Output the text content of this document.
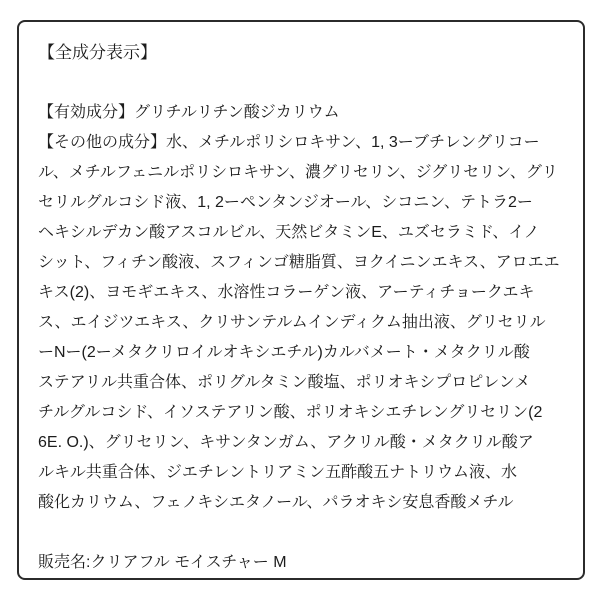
【全成分表示】
【有効成分】グリチルリチン酸ジカリウム
【その他の成分】水、メチルポリシロキサン、1, 3ーブチレングリコー
ル、メチルフェニルポリシロキサン、濃グリセリン、ジグリセリン、グリ
セリルグルコシド液、1, 2ーペンタンジオール、シコニン、テトラ2ー
ヘキシルデカン酸アスコルビル、天然ビタミンE、ユズセラミド、イノ
シット、フィチン酸液、スフィンゴ糖脂質、ヨクイニンエキス、アロエエ
キス(2)、ヨモギエキス、水溶性コラーゲン液、アーティチョークエキ
ス、エイジツエキス、クリサンテルムインディクム抽出液、グリセリル
ーNー(2ーメタクリロイルオキシエチル)カルバメート・メタクリル酸
ステアリル共重合体、ポリグルタミン酸塩、ポリオキシプロピレンメ
チルグルコシド、イソステアリン酸、ポリオキシエチレングリセリン(2
6E. O.)、グリセリン、キサンタンガム、アクリル酸・メタクリル酸ア
ルキル共重合体、ジエチレントリアミン五酢酸五ナトリウム液、水
酸化カリウム、フェノキシエタノール、パラオキシ安息香酸メチル
販売名:クリアフル モイスチャー M
